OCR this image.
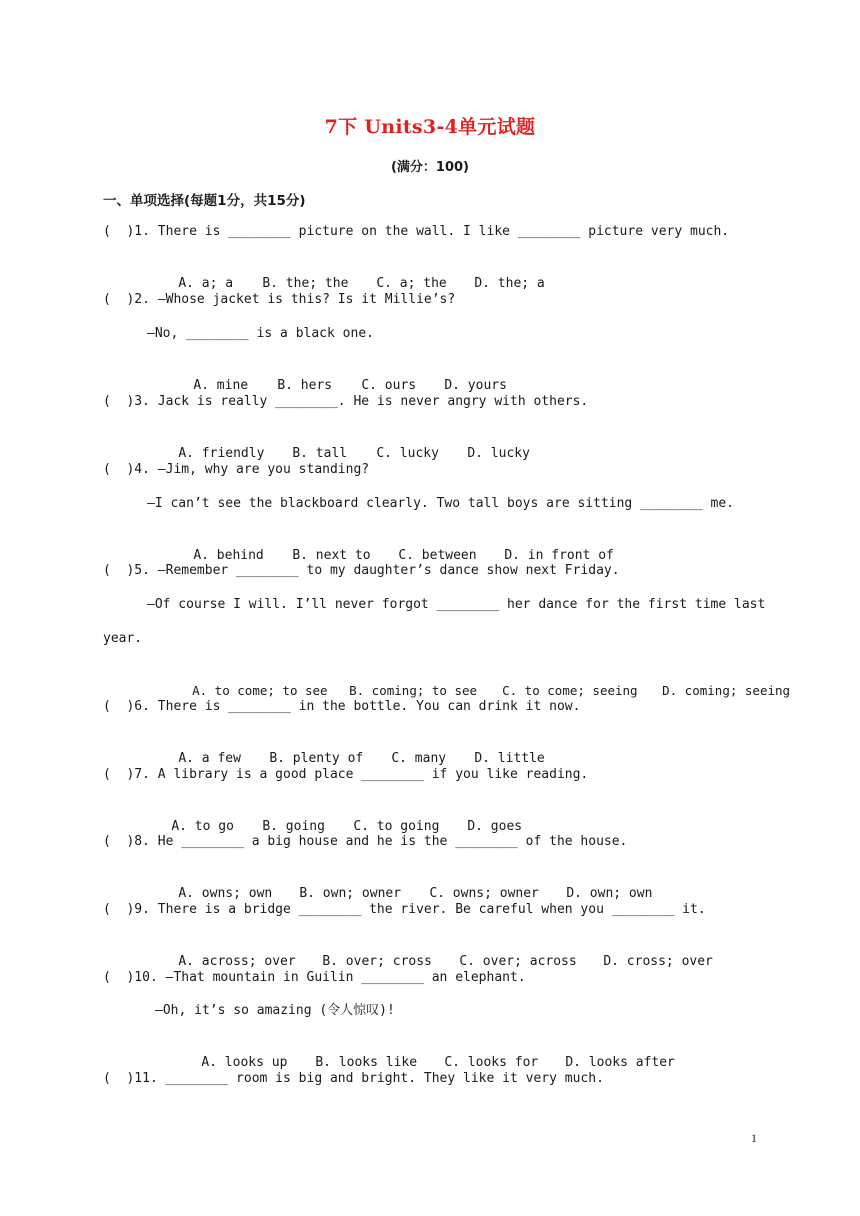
7下 Units3-4单元试题
(满分：100)
一、单项选择(每题1分，共15分)
(  )1. There is ________ picture on the wall. I like ________ picture very much.

A. a; a B. the; the C. a; the D. the; a

(  )2. —Whose jacket is this? Is it Millie’s?
—No, ________ is a black one.

A. mine B. hers C. ours D. yours

(  )3. Jack is really ________. He is never angry with others.

A. friendly B. tall C. lucky D. lucky

(  )4. —Jim, why are you standing?
—I can’t see the blackboard clearly. Two tall boys are sitting ________ me.

A. behind B. next to C. between D. in front of

(  )5. —Remember ________ to my daughter’s dance show next Friday.
—Of course I will. I’ll never forgot ________ her dance for the first time last
year.

A. to come; to see B. coming; to see C. to come; seeing D. coming; seeing

(  )6. There is ________ in the bottle. You can drink it now.

A. a few B. plenty of C. many D. little

(  )7. A library is a good place ________ if you like reading.

A. to go B. going C. to going D. goes

(  )8. He ________ a big house and he is the ________ of the house.

A. owns; own B. own; owner C. owns; owner D. own; own

(  )9. There is a bridge ________ the river. Be careful when you ________ it.

A. across; over B. over; cross C. over; across D. cross; over

(  )10. —That mountain in Guilin ________ an elephant.
—Oh, it’s so amazing (令人惊叹)!

A. looks up B. looks like C. looks for D. looks after

(  )11. ________ room is big and bright. They like it very much.
1
